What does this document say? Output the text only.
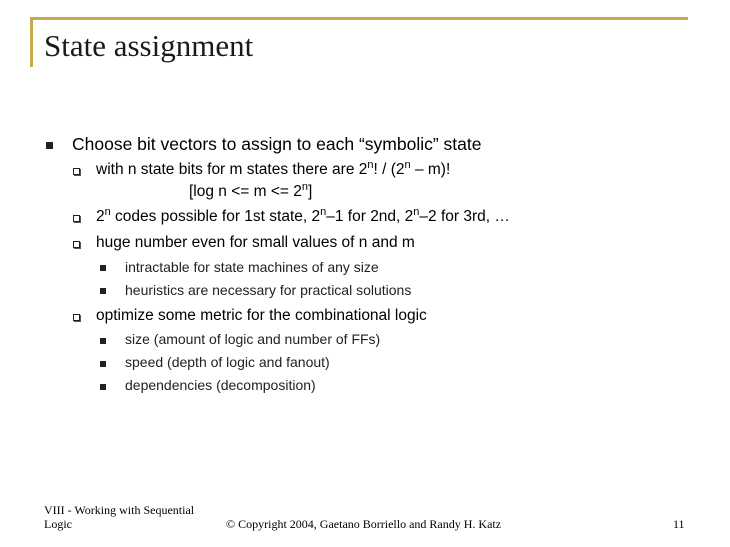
State assignment
Choose bit vectors to assign to each “symbolic” state
with n state bits for m states there are 2$^n$! / (2$^n$ – m)!
[log $n <= m <= 2^n$]
2$^n$ codes possible for 1st state, 2$^n$–1 for 2nd, 2$^n$–2 for 3rd, …
huge number even for small values of n and m
intractable for state machines of any size
heuristics are necessary for practical solutions
optimize some metric for the combinational logic
size (amount of logic and number of FFs)
speed (depth of logic and fanout)
dependencies (decomposition)
VIII - Working with Sequential Logic	© Copyright 2004, Gaetano Borriello and Randy H. Katz	11
